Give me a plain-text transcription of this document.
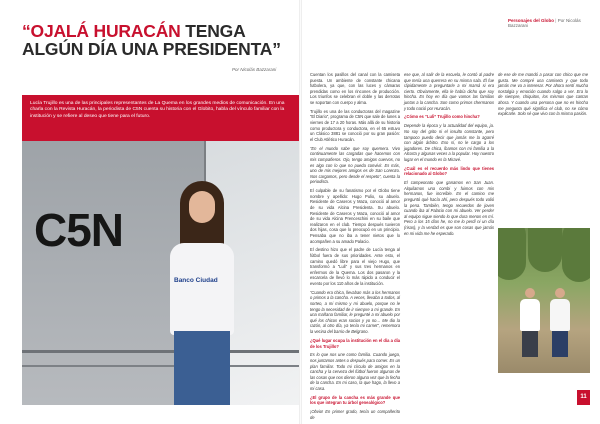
“OJALÁ HURACÁN TENGA
ALGÚN DÍA UNA PRESIDENTA”
Por Nicolás Bazzarani

Lucía Trujillo es una de las principales representantes de La Quema en los grandes medios de comunicación. En una charla con la Revista Huracán, la periodista de C5N cuenta su historia con el Globito, habla del vínculo familiar con la institución y se refiere al deseo que tiene para el futuro.

C5N
Banco Ciudad
Personajes del Globo | Por Nicolás Bazzarani

Cuentan los pasillos del canal con la camiseta puesta. Un ambiente de constante chicana futbolera, ya que, con las luces y cámaras prendidas como en los rincones de producción. Los triunfos se celebran el doble y las derrotas se soportan con cuerpo y alma.

Trujillo es una de las conductoras del magazine “El Diario”, programa de C5N que sale de lunes a viernes de 17 a 20 horas. Más allá de su historia como productora y conductora, en el 65 estuvo un Clásico 3881 se conoció por su gran pasión: el Club Atlético Huracán.

“En el mundo sabe que soy quemera. Vivo continuamente las cargadas que hacemos con mis compañeros. Ojo, tengo amigos cuervos, no es algo con lo que no pueda convivir. Es más, uno de mis mejores amigos es de San Lorenzo. Nos cargamos, pero desde el respeto”, cuenta la periodista.

El culpable de su fanatismo por el Globo tiene nombre y apellido: Hugo Pulio, su abuelo. Residente de Caseros y Maza, conoció al amor de su vida Alcina Presidenta. Su abuelo. Residente de Caseros y Maza, conoció al amor de su vida Alcina Prenceschini en su baile que realizaron en el club. Tiempo después tuvieron dos hijas, cosa que lo preocupó en un principio. Pensaba que no iba a tener nietos que lo acompañen a su amado Palacio.

El destino hizo que el padre de Lucía tenga al fútbol fuera de sus prioridades. Ante esto, el camino quedó libre para el viejo Hugo, que transformó a “Luli” y sus tres hermanos en enfermos de la Quema. Los dos pasaron y la escarcela de llevó lo más rápido a conducir el evento por los 110 años de la institución.

“Cuando era chica, llevaban más a los hermanos o primos a la cancha. A veces, llevaba a todos, al sorteo, a mi mismo y mi abuelo, porque no le tengo la necesidad de ir siempre a mi grande. En una mañana familiar, le pregunté a mi abuelo por qué los chicos eran socios y yo no… Me dio la razón, al otro día, ya tenía mi carnet”, rememora la vecina del barrio de Belgrano.

¿Qué lugar ocupa la institución en el día a día de los Trujillo?

Es lo que nos une como familia. Cuando juega, nos juntamos antes o después para comer. Es un plan familiar. Todo mi círculo de amigos en la cancha y la cerveza del fútbol fueron algunas de las cosas que nos dieron alguna vez que la fecha de la cancha. En mi caso, la que hago, la llevo a mi casa.

¿El grupo de la cancha es más grande que los que integran tu árbol genealógico?

¡Obvio! En primer grado, tenía un compañerito de

ese que, al salir de la escuela, le contó al padre que tenía una querrera en su misma sala. Él fue rápidamente a preguntarle a mi mamá si era cierto. Obviamente, ella le había dicho que soy hincha. Es hoy en día que vamos las familias juntas a la cancha. Son como primos chermanos y todo nació por Huracán.

¿Cómo es “Luli” Trujillo como hincha?

Depende la época y la actualidad del equipo, ja. No soy del grito ni el insulto constante, pero tampoco puedo decir que jamás me la agarré con algún árbitro. Eso sí, no le cargo a los jugadores. De chica, íbamos con mi familia a la Alcorta y algunas veces a la popular. Hoy nuestro lugar en el mundo es la Miravé.

¿Cuál es el recuerdo más lindo que tienes relacionado al Globo?

El campeonato que ganamos en San Juan. Alquilamos una combi y fuimos con mis hermanos, fue increíble. En el camino me preguntó qué hacía ahí, pero después todo valió la pena. También, tengo recuerdos de joven cuando iba al Palacio con mi abuelo. Ver perder al equipo sigue siendo lo que dura menos en mí. Pero a los 15 días he, no me lo perdí ni un día (risas), y la verdad es que son cosas que jamás en mi vida me he esperado.

de ese de me mandó a pasar con chico que me gusta. Me compré una camiseta y que todo jamás me va a interesar. Por ahora sentí mucha nostalgia y emoción cuando salgo a ver. Era lo de siempre, chiquitos, los mismos que cantan ahora. Y cuando una persona que no es hincha me pregunta qué significa el club, no se cómo explicarle. Solo sé que vivo con la misma pasión.

11
